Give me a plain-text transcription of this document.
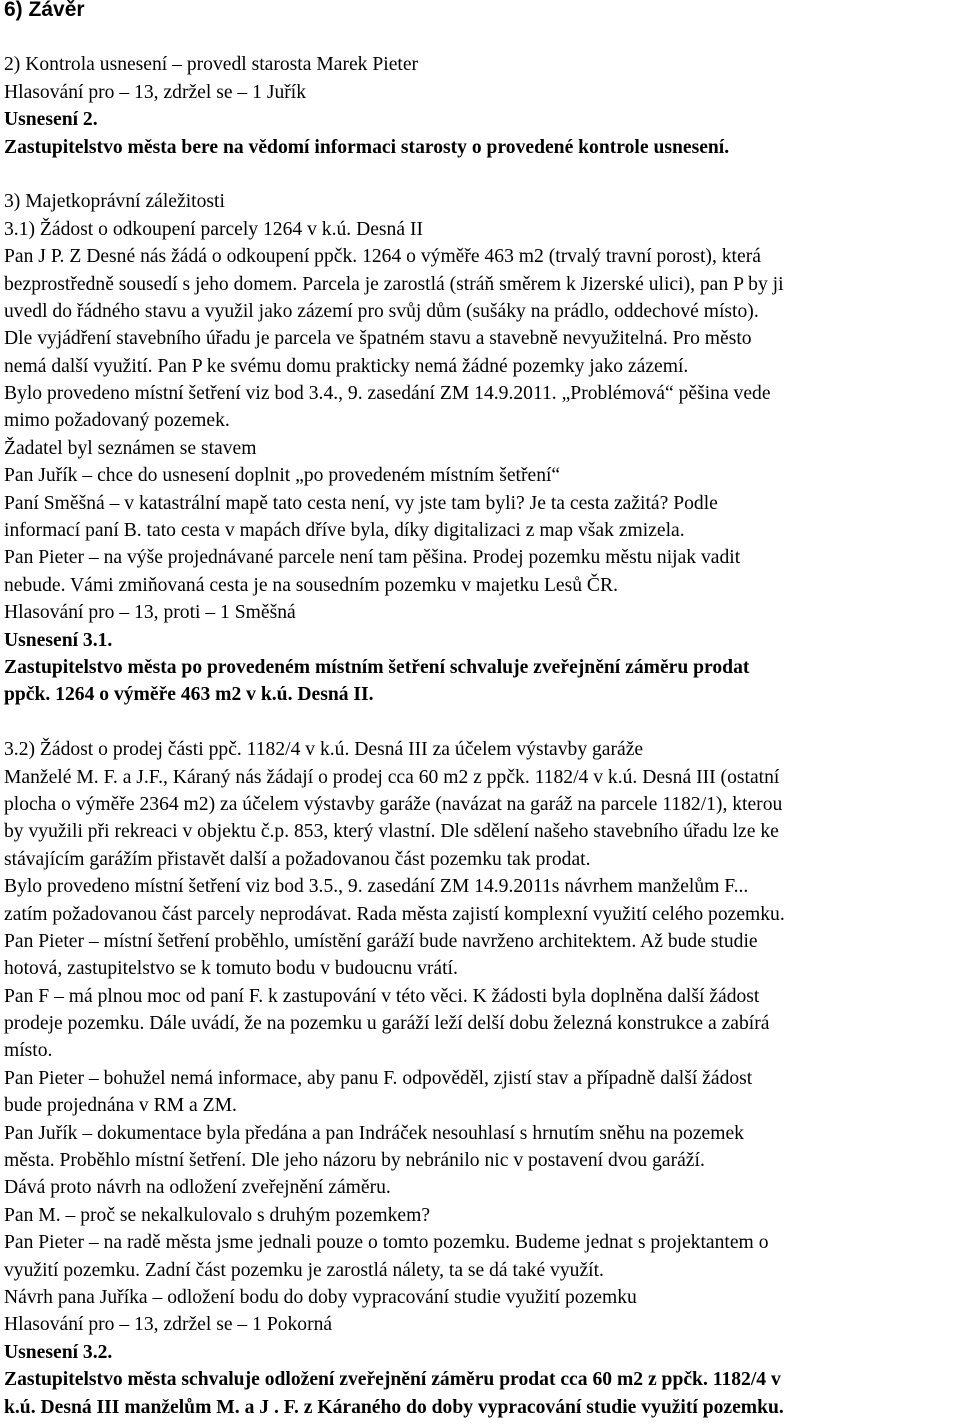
6) Závěr
2) Kontrola usnesení – provedl starosta Marek Pieter
Hlasování pro – 13, zdržel se – 1 Juřík
Usnesení 2.
Zastupitelstvo města bere na vědomí informaci starosty o provedené kontrole usnesení.
3) Majetkoprávní záležitosti
3.1) Žádost o odkoupení parcely 1264 v k.ú. Desná II
Pan J P. Z Desné nás žádá o odkoupení ppčk. 1264 o výměře 463 m2 (trvalý travní porost), která
bezprostředně sousedí s jeho domem. Parcela je zarostlá (stráň směrem k Jizerské ulici), pan P by ji
uvedl do řádného stavu a využil jako zázemí pro svůj dům (sušáky na prádlo, oddechové místo).
Dle vyjádření stavebního úřadu je parcela ve špatném stavu a stavebně nevyužitelná. Pro město
nemá další využití. Pan P ke svému domu prakticky nemá žádné pozemky jako zázemí.
Bylo provedeno místní šetření viz bod 3.4., 9. zasedání ZM 14.9.2011. „Problémová“ pěšina vede
mimo požadovaný pozemek.
Žadatel byl seznámen se stavem
Pan Juřík – chce do usnesení doplnit „po provedeném místním šetření“
Paní Směšná – v katastrální mapě tato cesta není, vy jste tam byli? Je ta cesta zažitá? Podle
informací paní B. tato cesta v mapách dříve byla, díky digitalizaci z map však zmizela.
Pan Pieter – na výše projednávané parcele není tam pěšina. Prodej pozemku městu nijak vadit
nebude. Vámi zmiňovaná cesta je na sousedním pozemku v majetku Lesů ČR.
Hlasování pro – 13, proti – 1 Směšná
Usnesení 3.1.
Zastupitelstvo města po provedeném místním šetření schvaluje zveřejnění záměru prodat
ppčk. 1264 o výměře 463 m2 v k.ú. Desná II.
3.2) Žádost o prodej části ppč. 1182/4 v k.ú. Desná III za účelem výstavby garáže
Manželé M. F. a J.F., Káraný nás žádají o prodej cca 60 m2 z ppčk. 1182/4 v k.ú. Desná III (ostatní
plocha o výměře 2364 m2) za účelem výstavby garáže (navázat na garáž na parcele 1182/1), kterou
by využili při rekreaci v objektu č.p. 853, který vlastní. Dle sdělení našeho stavebního úřadu lze ke
stávajícím garážím přistavět další a požadovanou část pozemku tak prodat.
Bylo provedeno místní šetření viz bod 3.5., 9. zasedání ZM 14.9.2011s návrhem manželům F...
zatím požadovanou část parcely neprodávat. Rada města zajistí komplexní využití celého pozemku.
Pan Pieter – místní šetření proběhlo, umístění garáží bude navrženo architektem. Až bude studie
hotová, zastupitelstvo se k tomuto bodu v budoucnu vrátí.
Pan F – má plnou moc od paní F. k zastupování v této věci. K žádosti byla doplněna další žádost
prodeje pozemku. Dále uvádí, že na pozemku u garáží leží delší dobu železná konstrukce a zabírá
místo.
Pan Pieter – bohužel nemá informace, aby panu F. odpověděl, zjistí stav a případně další žádost
bude projednána v RM a ZM.
Pan Juřík – dokumentace byla předána a pan Indráček nesouhlasí s hrnutím sněhu na pozemek
města. Proběhlo místní šetření. Dle jeho názoru by nebránilo nic v postavení dvou garáží.
Dává proto návrh na odložení zveřejnění záměru.
Pan M. – proč se nekalkulovalo s druhým pozemkem?
Pan Pieter – na radě města jsme jednali pouze o tomto pozemku. Budeme jednat s projektantem o
využití pozemku. Zadní část pozemku je zarostlá nálety, ta se dá také využít.
Návrh pana Juříka – odložení bodu do doby vypracování studie využití pozemku
Hlasování pro – 13, zdržel se – 1 Pokorná
Usnesení 3.2.
Zastupitelstvo města schvaluje odložení zveřejnění záměru prodat cca 60 m2 z ppčk. 1182/4 v
k.ú. Desná III manželům M. a J . F. z Káraného do doby vypracování studie využití pozemku.
